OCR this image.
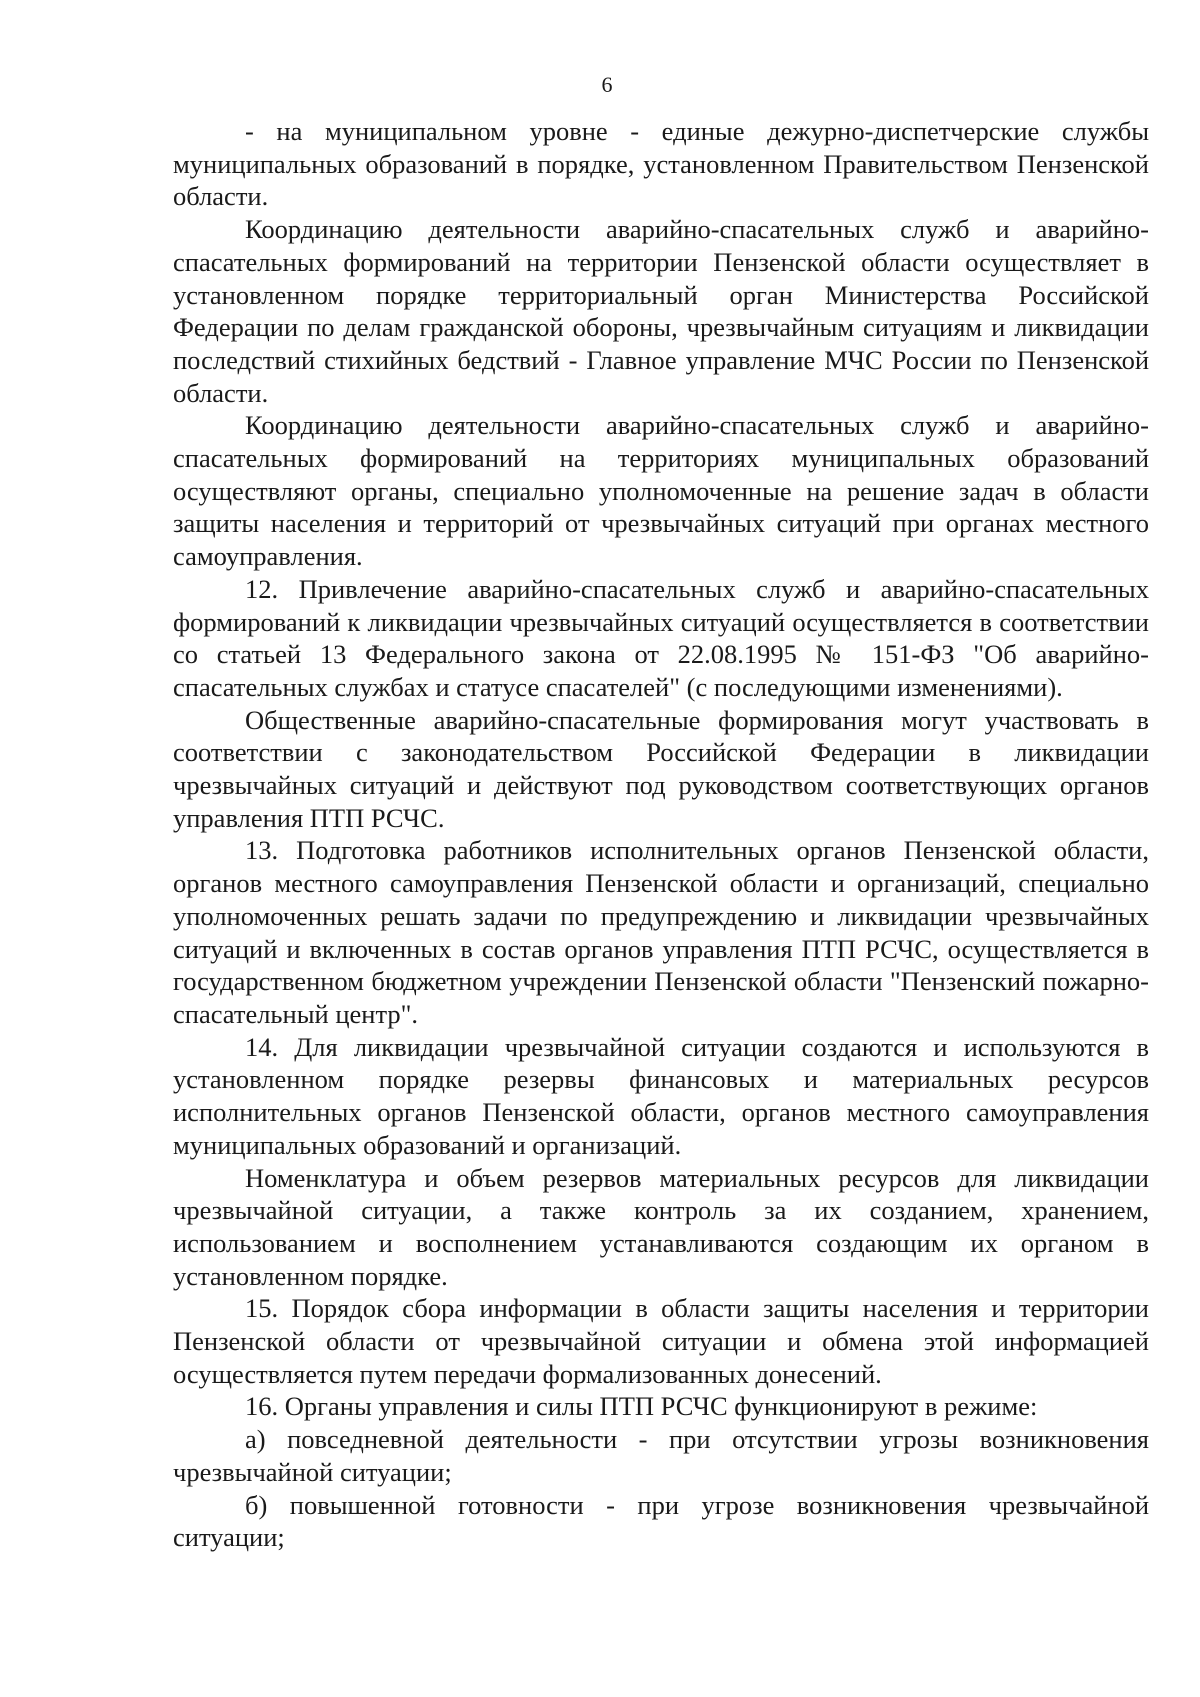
6

- на муниципальном уровне - единые дежурно-диспетчерские службы муниципальных образований в порядке, установленном Правительством Пензенской области.

Координацию деятельности аварийно-спасательных служб и аварийно-спасательных формирований на территории Пензенской области осуществляет в установленном порядке территориальный орган Министерства Российской Федерации по делам гражданской обороны, чрезвычайным ситуациям и ликвидации последствий стихийных бедствий - Главное управление МЧС России по Пензенской области.

Координацию деятельности аварийно-спасательных служб и аварийно-спасательных формирований на территориях муниципальных образований осуществляют органы, специально уполномоченные на решение задач в области защиты населения и территорий от чрезвычайных ситуаций при органах местного самоуправления.

12. Привлечение аварийно-спасательных служб и аварийно-спасательных формирований к ликвидации чрезвычайных ситуаций осуществляется в соответствии со статьей 13 Федерального закона от 22.08.1995 № 151-ФЗ "Об аварийно-спасательных службах и статусе спасателей" (с последующими изменениями).

Общественные аварийно-спасательные формирования могут участвовать в соответствии с законодательством Российской Федерации в ликвидации чрезвычайных ситуаций и действуют под руководством соответствующих органов управления ПТП РСЧС.

13. Подготовка работников исполнительных органов Пензенской области, органов местного самоуправления Пензенской области и организаций, специально уполномоченных решать задачи по предупреждению и ликвидации чрезвычайных ситуаций и включенных в состав органов управления ПТП РСЧС, осуществляется в государственном бюджетном учреждении Пензенской области "Пензенский пожарно-спасательный центр".

14. Для ликвидации чрезвычайной ситуации создаются и используются в установленном порядке резервы финансовых и материальных ресурсов исполнительных органов Пензенской области, органов местного самоуправления муниципальных образований и организаций.

Номенклатура и объем резервов материальных ресурсов для ликвидации чрезвычайной ситуации, а также контроль за их созданием, хранением, использованием и восполнением устанавливаются создающим их органом в установленном порядке.

15. Порядок сбора информации в области защиты населения и территории Пензенской области от чрезвычайной ситуации и обмена этой информацией осуществляется путем передачи формализованных донесений.

16. Органы управления и силы ПТП РСЧС функционируют в режиме:

а) повседневной деятельности - при отсутствии угрозы возникновения чрезвычайной ситуации;

б) повышенной готовности - при угрозе возникновения чрезвычайной ситуации;
